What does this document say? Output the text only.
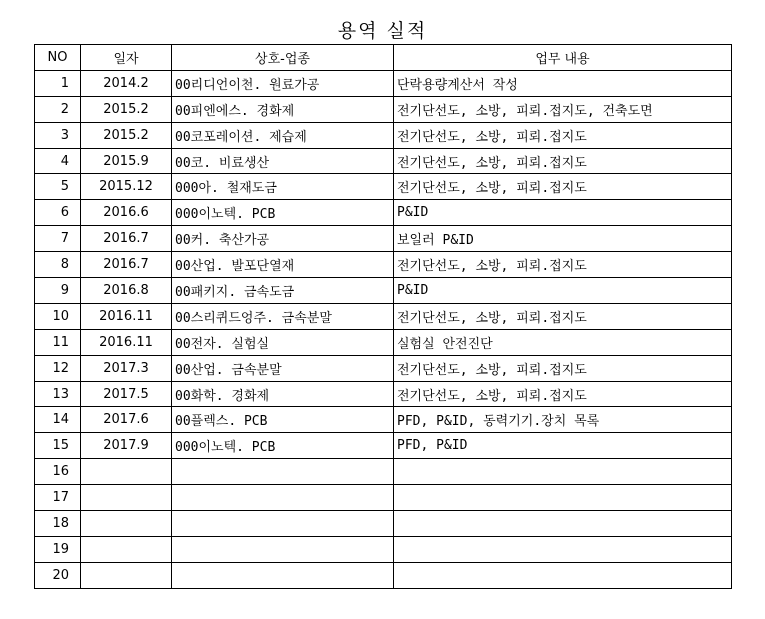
용역 실적
NO	일자	상호-업종	업무 내용
1	2014.2	00리디언이천. 원료가공	단락용량계산서 작성
2	2015.2	00피엔에스. 경화제	전기단선도, 소방, 피뢰.접지도, 건축도면
3	2015.2	00코포레이션. 제습제	전기단선도, 소방, 피뢰.접지도
4	2015.9	00코. 비료생산	전기단선도, 소방, 피뢰.접지도
5	2015.12	000아. 철재도금	전기단선도, 소방, 피뢰.접지도
6	2016.6	000이노텍. PCB	P&ID
7	2016.7	00커. 축산가공	보일러 P&ID
8	2016.7	00산업. 발포단열재	전기단선도, 소방, 피뢰.접지도
9	2016.8	00패키지. 금속도금	P&ID
10	2016.11	00스리퀴드엉주. 금속분말	전기단선도, 소방, 피뢰.접지도
11	2016.11	00전자. 실험실	실험실 안전진단
12	2017.3	00산업. 금속분말	전기단선도, 소방, 피뢰.접지도
13	2017.5	00화학. 경화제	전기단선도, 소방, 피뢰.접지도
14	2017.6	00플렉스. PCB	PFD, P&ID, 동력기기.장치 목록
15	2017.9	000이노텍. PCB	PFD, P&ID
16			
17			
18			
19			
20			
